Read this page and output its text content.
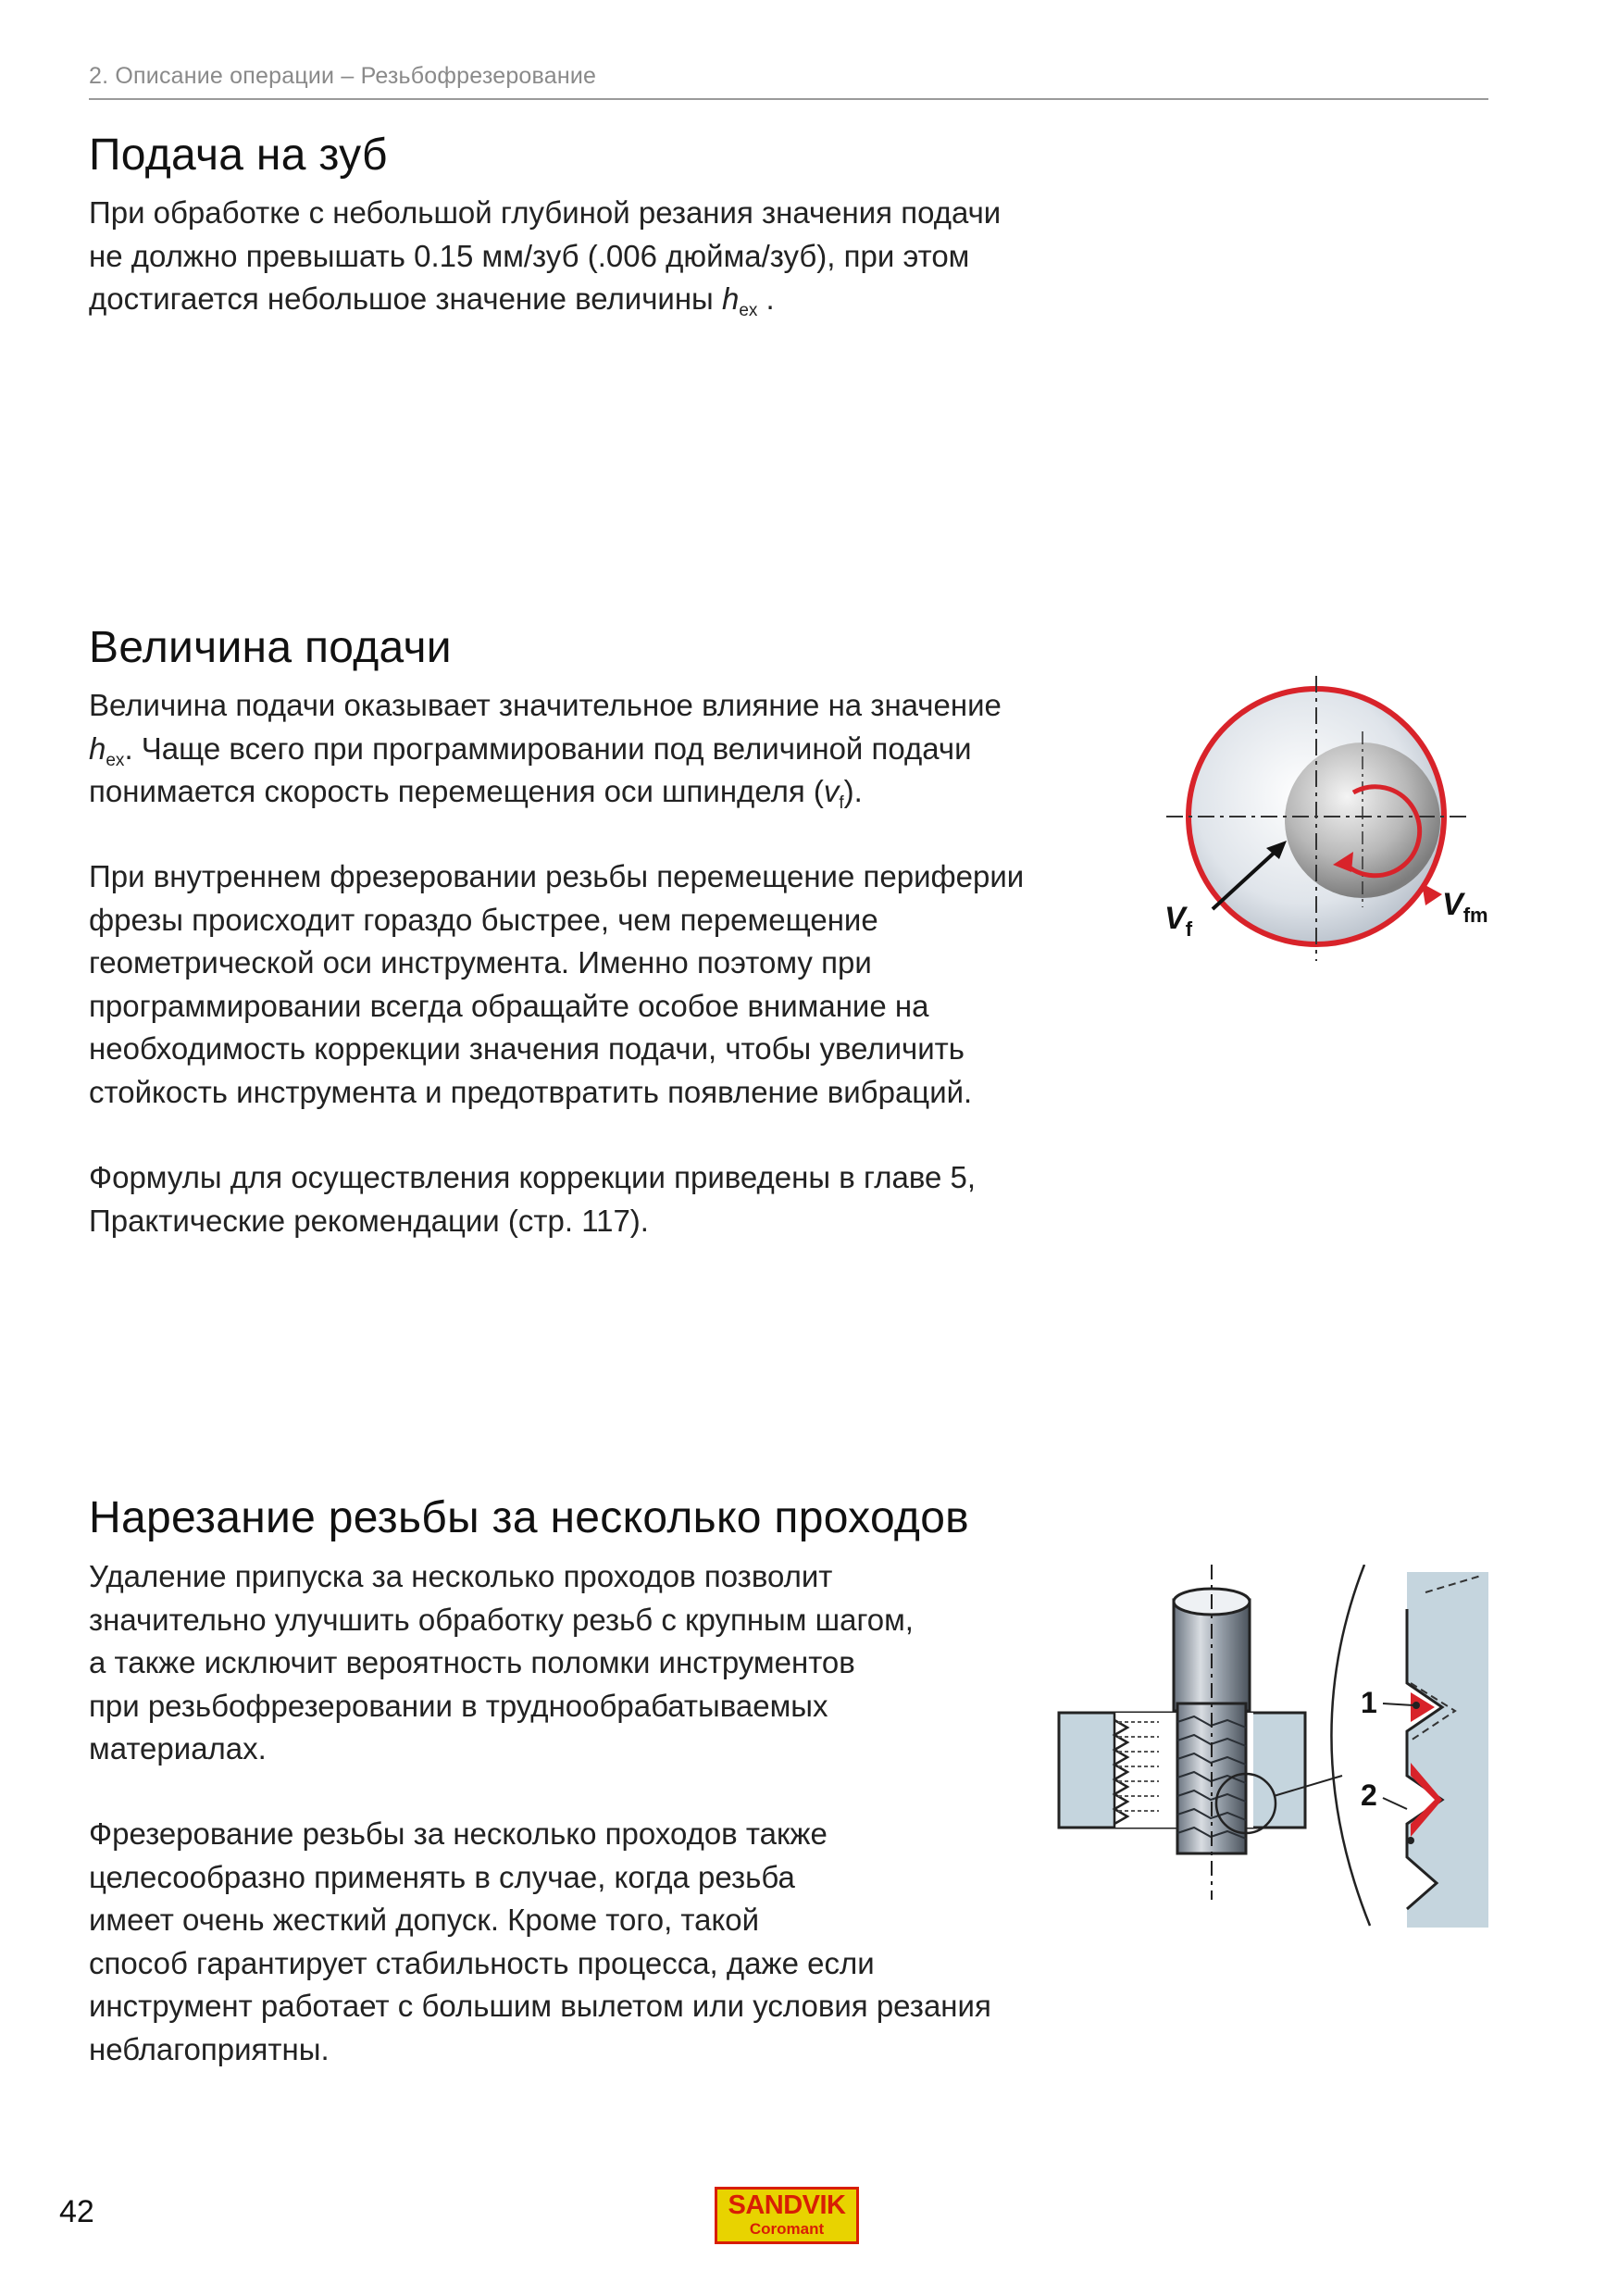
2. Описание операции – Резьбофрезерование
Подача на зуб

При обработке с небольшой глубиной резания значения подачи
не должно превышать 0.15 мм/зуб (.006 дюйма/зуб), при этом
достигается небольшое значение величины $h_{ex}$ .

Величина подачи

Величина подачи оказывает значительное влияние на значение
$h_{ex}$. Чаще всего при программировании под величиной подачи
понимается скорость перемещения оси шпинделя $(v_f)$.

При внутреннем фрезеровании резьбы перемещение периферии
фрезы происходит гораздо быстрее, чем перемещение
геометрической оси инструмента. Именно поэтому при
программировании всегда обращайте особое внимание на
необходимость коррекции значения подачи, чтобы увеличить
стойкость инструмента и предотвратить появление вибраций.

Формулы для осуществления коррекции приведены в главе 5,
Практические рекомендации (стр. 117).

$V_f$
$V_{fm}$
Нарезание резьбы за несколько проходов

Удаление припуска за несколько проходов позволит
значительно улучшить обработку резьб с крупным шагом,
а также исключит вероятность поломки инструментов
при резьбофрезеровании в труднообрабатываемых
материалах.

Фрезерование резьбы за несколько проходов также
целесообразно применять в случае, когда резьба
имеет очень жесткий допуск. Кроме того, такой
способ гарантирует стабильность процесса, даже если
инструмент работает с большим вылетом или условия резания
неблагоприятны.

1
2
42	SANDVIK
Coromant
